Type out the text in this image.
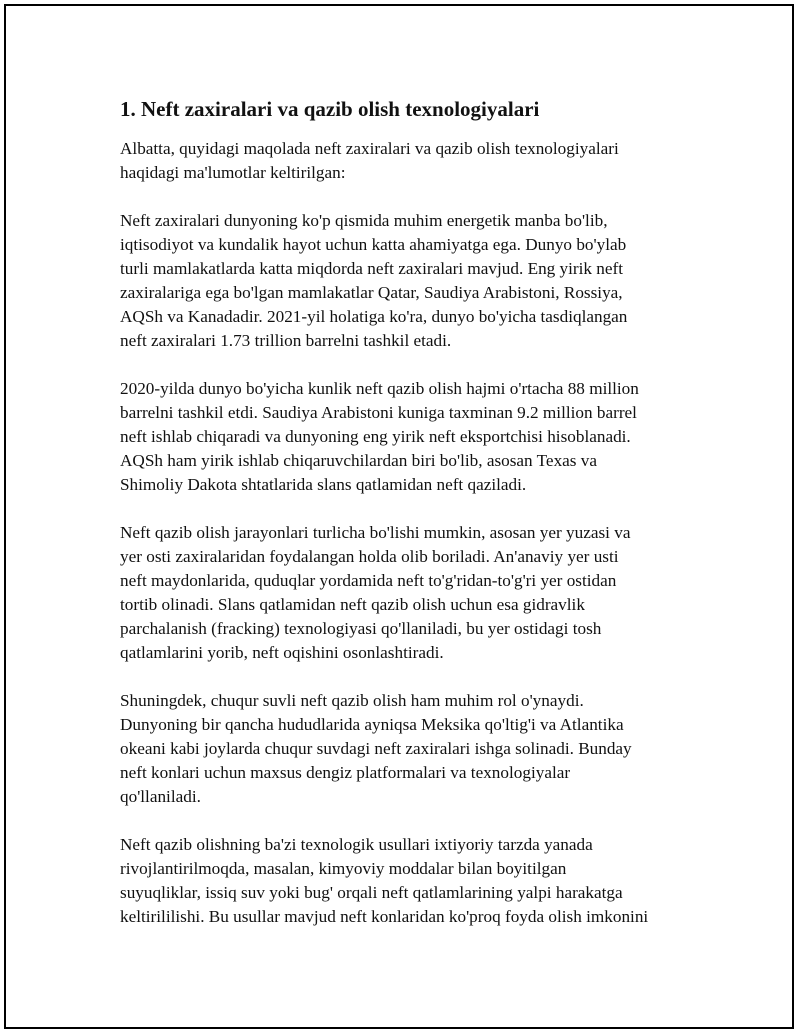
1. Neft zaxiralari va qazib olish texnologiyalari

Albatta, quyidagi maqolada neft zaxiralari va qazib olish texnologiyalari
haqidagi ma'lumotlar keltirilgan:

Neft zaxiralari dunyoning ko'p qismida muhim energetik manba bo'lib,
iqtisodiyot va kundalik hayot uchun katta ahamiyatga ega. Dunyo bo'ylab
turli mamlakatlarda katta miqdorda neft zaxiralari mavjud. Eng yirik neft
zaxiralariga ega bo'lgan mamlakatlar Qatar, Saudiya Arabistoni, Rossiya,
AQSh va Kanadadir. 2021-yil holatiga ko'ra, dunyo bo'yicha tasdiqlangan
neft zaxiralari 1.73 trillion barrelni tashkil etadi.

2020-yilda dunyo bo'yicha kunlik neft qazib olish hajmi o'rtacha 88 million
barrelni tashkil etdi. Saudiya Arabistoni kuniga taxminan 9.2 million barrel
neft ishlab chiqaradi va dunyoning eng yirik neft eksportchisi hisoblanadi.
AQSh ham yirik ishlab chiqaruvchilardan biri bo'lib, asosan Texas va
Shimoliy Dakota shtatlarida slans qatlamidan neft qaziladi.

Neft qazib olish jarayonlari turlicha bo'lishi mumkin, asosan yer yuzasi va
yer osti zaxiralaridan foydalangan holda olib boriladi. An'anaviy yer usti
neft maydonlarida, quduqlar yordamida neft to'g'ridan-to'g'ri yer ostidan
tortib olinadi. Slans qatlamidan neft qazib olish uchun esa gidravlik
parchalanish (fracking) texnologiyasi qo'llaniladi, bu yer ostidagi tosh
qatlamlarini yorib, neft oqishini osonlashtiradi.

Shuningdek, chuqur suvli neft qazib olish ham muhim rol o'ynaydi.
Dunyoning bir qancha hududlarida ayniqsa Meksika qo'ltig'i va Atlantika
okeani kabi joylarda chuqur suvdagi neft zaxiralari ishga solinadi. Bunday
neft konlari uchun maxsus dengiz platformalari va texnologiyalar
qo'llaniladi.

Neft qazib olishning ba'zi texnologik usullari ixtiyoriy tarzda yanada
rivojlantirilmoqda, masalan, kimyoviy moddalar bilan boyitilgan
suyuqliklar, issiq suv yoki bug' orqali neft qatlamlarining yalpi harakatga
keltirililishi. Bu usullar mavjud neft konlaridan ko'proq foyda olish imkonini
